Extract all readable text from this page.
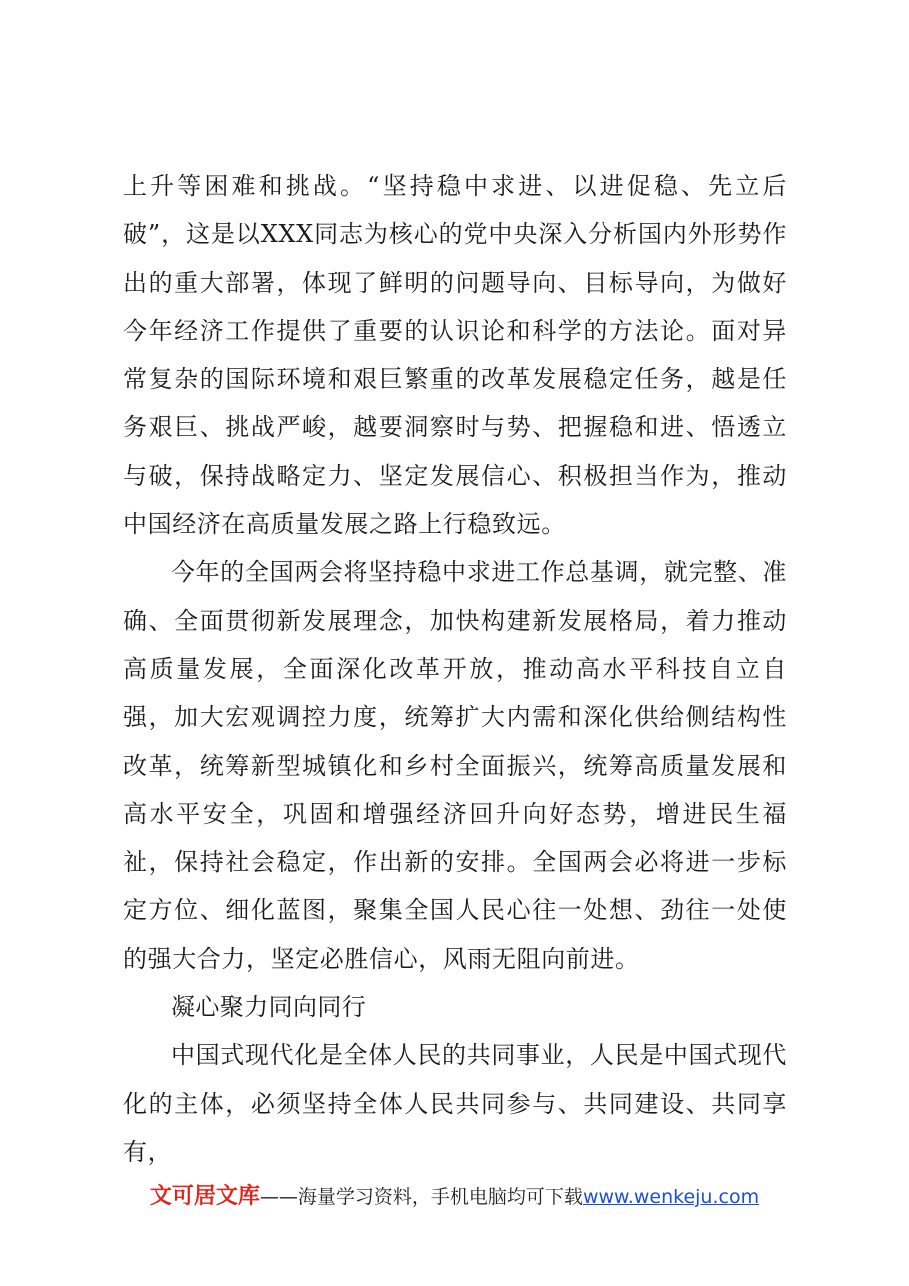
上升等困难和挑战。“坚持稳中求进、以进促稳、先立后破”，这是以XXX同志为核心的党中央深入分析国内外形势作出的重大部署，体现了鲜明的问题导向、目标导向，为做好今年经济工作提供了重要的认识论和科学的方法论。面对异常复杂的国际环境和艰巨繁重的改革发展稳定任务，越是任务艰巨、挑战严峻，越要洞察时与势、把握稳和进、悟透立与破，保持战略定力、坚定发展信心、积极担当作为，推动中国经济在高质量发展之路上行稳致远。

今年的全国两会将坚持稳中求进工作总基调，就完整、准确、全面贯彻新发展理念，加快构建新发展格局，着力推动高质量发展，全面深化改革开放，推动高水平科技自立自强，加大宏观调控力度，统筹扩大内需和深化供给侧结构性改革，统筹新型城镇化和乡村全面振兴，统筹高质量发展和高水平安全，巩固和增强经济回升向好态势，增进民生福祉，保持社会稳定，作出新的安排。全国两会必将进一步标定方位、细化蓝图，聚集全国人民心往一处想、劲往一处使的强大合力，坚定必胜信心，风雨无阻向前进。

凝心聚力同向同行

中国式现代化是全体人民的共同事业，人民是中国式现代化的主体，必须坚持全体人民共同参与、共同建设、共同享有，

文可居文库——海量学习资料，手机电脑均可下载www.wenkeju.com
